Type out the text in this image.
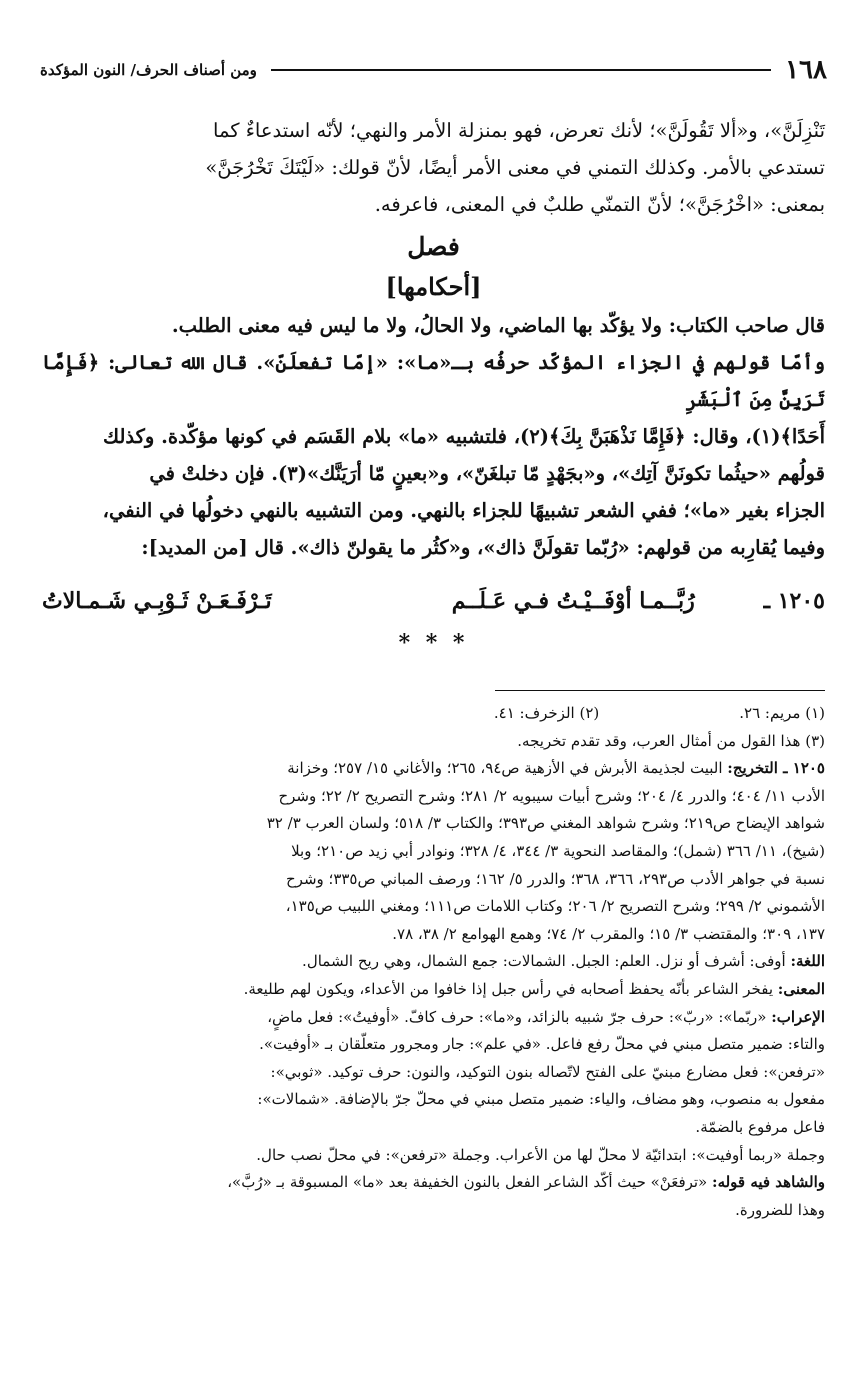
١٦٨
ومن أصناف الحرف/ النون المؤكدة

تَنْزِلَنَّ»، و«ألا تَقُولَنَّ»؛ لأنك تعرض، فهو بمنزلة الأمر والنهي؛ لأنّه استدعاءٌ كما

تستدعي بالأمر. وكذلك التمني في معنى الأمر أيضًا، لأنّ قولك: «لَيْتَكَ تَخْرُجَنَّ»

بمعنى: «اخْرُجَنَّ»؛ لأنّ التمنّي طلبٌ في المعنى، فاعرفه.

فصل
[أحكامها]

قال صاحب الكتاب: ولا يؤكّد بها الماضي، ولا الحالُ، ولا ما ليس فيه معنى الطلب.

وأمّا قولهم في الجزاء المؤكّد حرفُه بـ«ما»: «إمّا تفعلَنّ». قال الله تعالى: ﴿فَإِمَّا تَرَيِنَّ مِنَ ٱلْبَشَرِ

أَحَدًا﴾(١)، وقال: ﴿فَإِمَّا نَذْهَبَنَّ بِكَ﴾(٢)، فلتشبيه «ما» بلام القَسَم في كونها مؤكّدة. وكذلك

قولُهم «حيثُما تكونَنَّ آتِك»، و«بجَهْدٍ مّا تبلغَنّ»، و«بعينٍ مّا أرَيَنَّك»(٣). فإن دخلتْ في

الجزاء بغير «ما»؛ ففي الشعر تشبيهًا للجزاء بالنهي. ومن التشبيه بالنهي دخولُها في النفي،

وفيما يُقارِبه من قولهم: «رُبّما تقولَنَّ ذاك»، و«كثُر ما يقولنّ ذاك». قال [من المديد]:

١٢٠٥ ـ
رُبَّــمـا أوْفَــيْـتُ فـي عَـلَــم
تَـرْفَـعَـنْ ثَـوْبِـي شَـمـالاتُ
* * *
(١) مريم: ٢٦.
(٢) الزخرف: ٤١.

(٣) هذا القول من أمثال العرب، وقد تقدم تخريجه.

١٢٠٥ ـ التخريج: البيت لجذيمة الأبرش في الأزهية ص٩٤، ٢٦٥؛ والأغاني ١٥/ ٢٥٧؛ وخزانة

الأدب ١١/ ٤٠٤؛ والدرر ٤/ ٢٠٤؛ وشرح أبيات سيبويه ٢/ ٢٨١؛ وشرح التصريح ٢/ ٢٢؛ وشرح

شواهد الإيضاح ص٢١٩؛ وشرح شواهد المغني ص٣٩٣؛ والكتاب ٣/ ٥١٨؛ ولسان العرب ٣/ ٣٢

(شيخ)، ١١/ ٣٦٦ (شمل)؛ والمقاصد النحوية ٣/ ٣٤٤، ٤/ ٣٢٨؛ ونوادر أبي زيد ص٢١٠؛ وبلا

نسبة في جواهر الأدب ص٢٩٣، ٣٦٦، ٣٦٨؛ والدرر ٥/ ١٦٢؛ ورصف المباني ص٣٣٥؛ وشرح

الأشموني ٢/ ٢٩٩؛ وشرح التصريح ٢/ ٢٠٦؛ وكتاب اللامات ص١١١؛ ومغني اللبيب ص١٣٥،

١٣٧، ٣٠٩؛ والمقتضب ٣/ ١٥؛ والمقرب ٢/ ٧٤؛ وهمع الهوامع ٢/ ٣٨، ٧٨.

اللغة: أوفى: أشرف أو نزل. العلم: الجبل. الشمالات: جمع الشمال، وهي ريح الشمال.

المعنى: يفخر الشاعر بأنّه يحفظ أصحابه في رأس جبل إذا خافوا من الأعداء، ويكون لهم طليعة.

الإعراب: «ربّما»: «ربّ»: حرف جرّ شبيه بالزائد، و«ما»: حرف كافّ. «أوفيتُ»: فعل ماضٍ،

والتاء: ضمير متصل مبني في محلّ رفع فاعل. «في علم»: جار ومجرور متعلّقان بـ «أوفيت».

«ترفعن»: فعل مضارع مبنيّ على الفتح لاتّصاله بنون التوكيد، والنون: حرف توكيد. «ثوبي»:

مفعول به منصوب، وهو مضاف، والياء: ضمير متصل مبني في محلّ جرّ بالإضافة. «شمالات»:

فاعل مرفوع بالضمّة.

وجملة «ربما أوفيت»: ابتدائيّة لا محلّ لها من الأعراب. وجملة «ترفعن»: في محلّ نصب حال.

والشاهد فيه قوله: «ترفعَنْ» حيث أكّد الشاعر الفعل بالنون الخفيفة بعد «ما» المسبوقة بـ «رُبَّ»،

وهذا للضرورة.
